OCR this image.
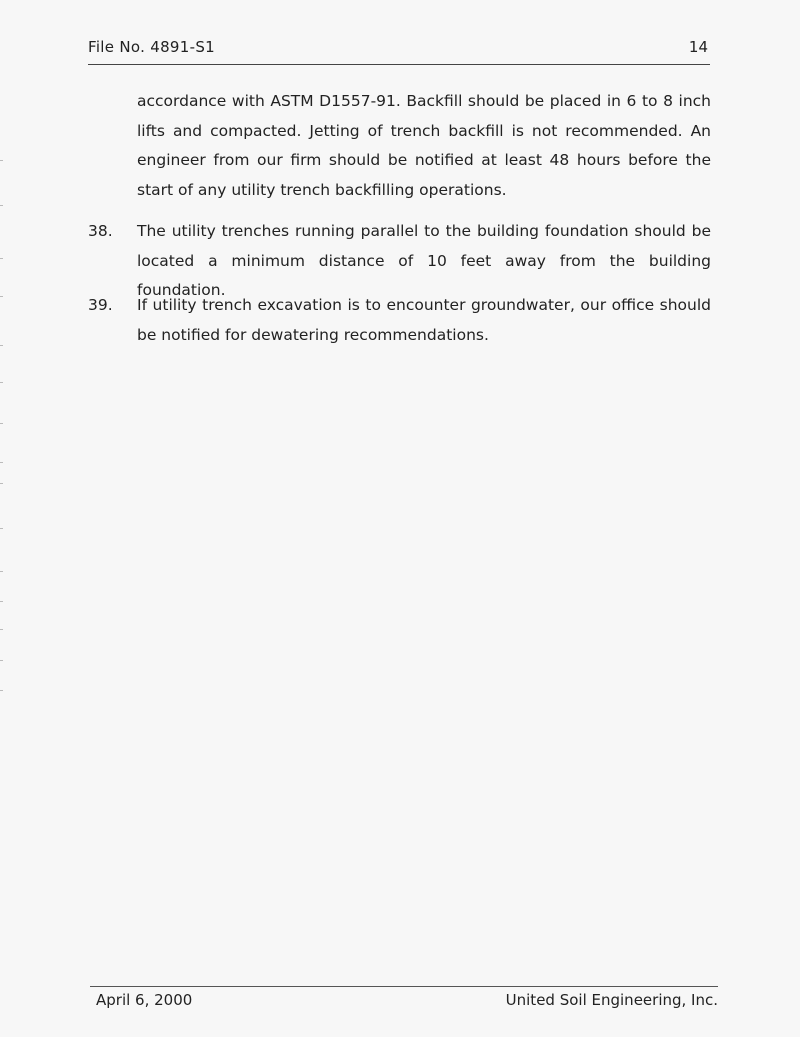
File No. 4891-S1	14

accordance with ASTM D1557-91. Backfill should be placed in 6 to 8 inch lifts and compacted. Jetting of trench backfill is not recommended. An engineer from our firm should be notified at least 48 hours before the start of any utility trench backfilling operations.

38.	The utility trenches running parallel to the building foundation should be located a minimum distance of 10 feet away from the building foundation.
39.	If utility trench excavation is to encounter groundwater, our office should be notified for dewatering recommendations.
April 6, 2000	United Soil Engineering, Inc.
